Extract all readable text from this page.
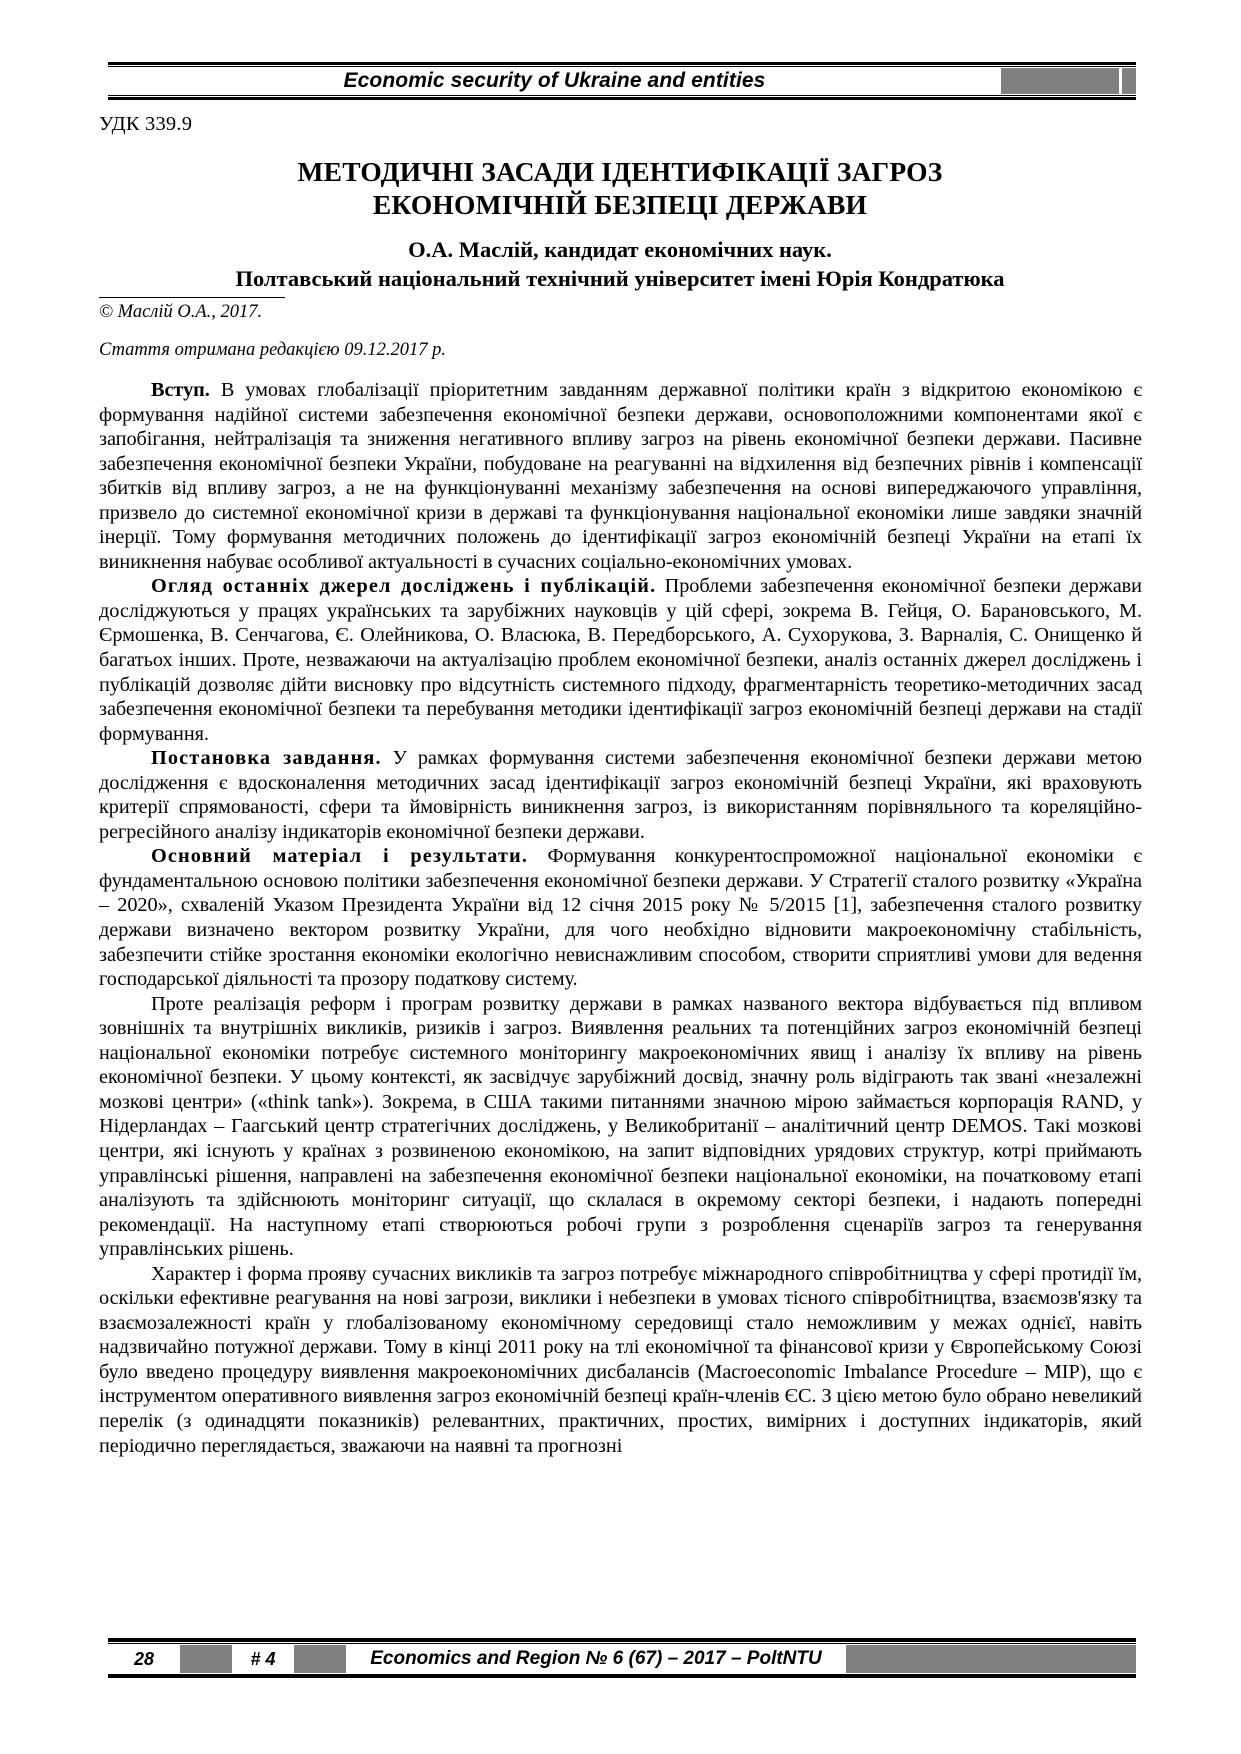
Economic security of Ukraine and entities
УДК 339.9
МЕТОДИЧНІ ЗАСАДИ ІДЕНТИФІКАЦІЇ ЗАГРОЗ
ЕКОНОМІЧНІЙ БЕЗПЕЦІ ДЕРЖАВИ
О.А. Маслій, кандидат економічних наук.
Полтавський національний технічний університет імені Юрія Кондратюка
© Маслій О.А., 2017.
Стаття отримана редакцією 09.12.2017 р.

Вступ. В умовах глобалізації пріоритетним завданням державної політики країн з відкритою економікою є формування надійної системи забезпечення економічної безпеки держави, основоположними компонентами якої є запобігання, нейтралізація та зниження негативного впливу загроз на рівень економічної безпеки держави. Пасивне забезпечення економічної безпеки України, побудоване на реагуванні на відхилення від безпечних рівнів і компенсації збитків від впливу загроз, а не на функціонуванні механізму забезпечення на основі випереджаючого управління, призвело до системної економічної кризи в державі та функціонування національної економіки лише завдяки значній інерції. Тому формування методичних положень до ідентифікації загроз економічній безпеці України на етапі їх виникнення набуває особливої актуальності в сучасних соціально-економічних умовах.

Огляд останніх джерел досліджень і публікацій. Проблеми забезпечення економічної безпеки держави досліджуються у працях українських та зарубіжних науковців у цій сфері, зокрема В. Гейця, О. Барановського, М. Єрмошенка, В. Сенчагова, Є. Олейникова, О. Власюка, В. Передборського, А. Сухорукова, З. Варналія, С. Онищенко й багатьох інших. Проте, незважаючи на актуалізацію проблем економічної безпеки, аналіз останніх джерел досліджень і публікацій дозволяє дійти висновку про відсутність системного підходу, фрагментарність теоретико-методичних засад забезпечення економічної безпеки та перебування методики ідентифікації загроз економічній безпеці держави на стадії формування.

Постановка завдання. У рамках формування системи забезпечення економічної безпеки держави метою дослідження є вдосконалення методичних засад ідентифікації загроз економічній безпеці України, які враховують критерії спрямованості, сфери та ймовірність виникнення загроз, із використанням порівняльного та кореляційно-регресійного аналізу індикаторів економічної безпеки держави.

Основний матеріал і результати. Формування конкурентоспроможної національної економіки є фундаментальною основою політики забезпечення економічної безпеки держави. У Стратегії сталого розвитку «Україна – 2020», схваленій Указом Президента України від 12 січня 2015 року № 5/2015 [1], забезпечення сталого розвитку держави визначено вектором розвитку України, для чого необхідно відновити макроекономічну стабільність, забезпечити стійке зростання економіки екологічно невиснажливим способом, створити сприятливі умови для ведення господарської діяльності та прозору податкову систему.

Проте реалізація реформ і програм розвитку держави в рамках названого вектора відбувається під впливом зовнішніх та внутрішніх викликів, ризиків і загроз. Виявлення реальних та потенційних загроз економічній безпеці національної економіки потребує системного моніторингу макроекономічних явищ і аналізу їх впливу на рівень економічної безпеки. У цьому контексті, як засвідчує зарубіжний досвід, значну роль відіграють так звані «незалежні мозкові центри» («think tank»). Зокрема, в США такими питаннями значною мірою займається корпорація RAND, у Нідерландах – Гаагський центр стратегічних досліджень, у Великобританії – аналітичний центр DEMOS. Такі мозкові центри, які існують у країнах з розвиненою економікою, на запит відповідних урядових структур, котрі приймають управлінські рішення, направлені на забезпечення економічної безпеки національної економіки, на початковому етапі аналізують та здійснюють моніторинг ситуації, що склалася в окремому секторі безпеки, і надають попередні рекомендації. На наступному етапі створюються робочі групи з розроблення сценаріїв загроз та генерування управлінських рішень.

Характер і форма прояву сучасних викликів та загроз потребує міжнародного співробітництва у сфері протидії їм, оскільки ефективне реагування на нові загрози, виклики і небезпеки в умовах тісного співробітництва, взаємозв'язку та взаємозалежності країн у глобалізованому економічному середовищі стало неможливим у межах однієї, навіть надзвичайно потужної держави. Тому в кінці 2011 року на тлі економічної та фінансової кризи у Європейському Союзі було введено процедуру виявлення макроекономічних дисбалансів (Macroeconomic Imbalance Procedure – MIP), що є інструментом оперативного виявлення загроз економічній безпеці країн-членів ЄС. З цією метою було обрано невеликий перелік (з одинадцяти показників) релевантних, практичних, простих, вимірних і доступних індикаторів, який періодично переглядається, зважаючи на наявні та прогнозні

28	# 4	Economics and Region № 6 (67) – 2017 – PoltNTU
